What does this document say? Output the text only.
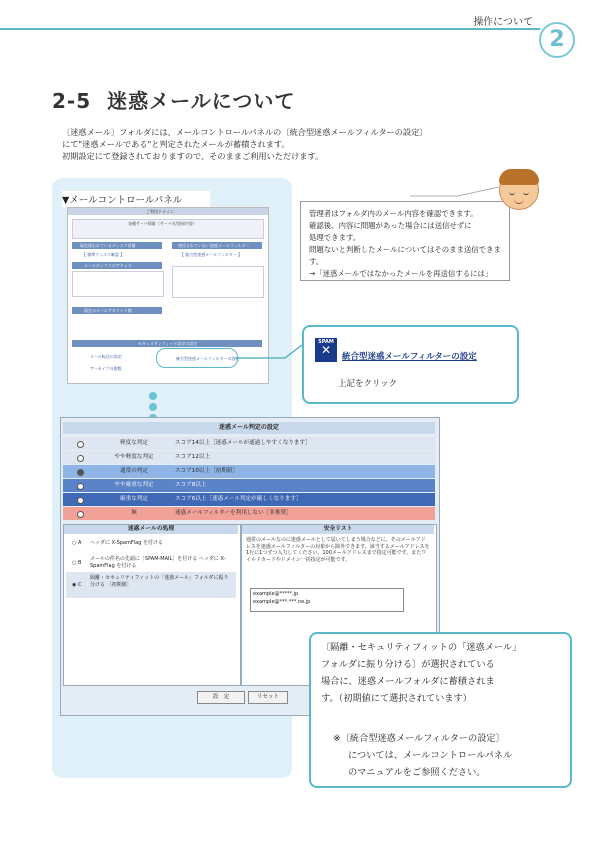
操作について
2
2-5 迷惑メールについて
〔迷惑メール〕フォルダには、メールコントロールパネルの〔統合型迷惑メールフィルターの設定〕
にて"迷惑メールである"と判定されたメールが蓄積されます。
初期設定にて登録されておりますので、そのままご利用いただけます。
▼メールコントロールパネル
ご利用ドメイン
各種サーバ情報（サーバ名/登録内容）
現在使われているディスク容量	使用されていない迷惑メールフィルター
【 標準ウィルス確認 】	【 総合型迷惑メールフィルター 】
メールボックスのアドレス
現在のメールアカウント数
セキュリティフィット設定の設定
メール転送の設定
アーカイブの閲覧
統合型迷惑メールフィルターの設定
管理者はフォルダ内のメール内容を確認できます。
確認後、内容に問題があった場合には送信せずに
処理できます。
問題ないと判断したメールについてはそのまま送信できます。
→「迷惑メールではなかったメールを再送信するには」
SPAM
✕	統合型迷惑メールフィルターの設定
上記をクリック
迷惑メール判定の設定
軽度な判定	スコア14以上［迷惑メールが通過しやすくなります］
やや軽度な判定	スコア12以上
通常の判定	スコア10以上［初期値］
やや厳重な判定	スコア8以上
厳重な判定	スコア6以上［迷惑メール判定が厳しくなります］
無	迷惑メールフィルターを利用しない［非推奨］
迷惑メールの処理
○ A ヘッダに X-SpamFlag を付ける
○ B
メールの件名の先頭に［SPAM-MAIL］を付ける ヘッダに X-SpamFlag を付ける
◉ C
隔離・セキュリティフィットの「迷惑メール」フォルダに振り分ける ［初期値］
安全リスト
通常のメールなのに迷惑メールとして届いてしまう場合などに、そのメールアドレスを迷惑メールフィルターの対象から除外できます。該当するメールアドレスを1行に1つずつ入力してください。100メールアドレスまで指定可能です。またワイルドカードやドメイン一括指定が可能です。
example@*****.jp
example@***-***.ne.jp
設　定	リセット
〔隔離・セキュリティフィットの「迷惑メール」
フォルダに振り分ける〕が選択されている
場合に、迷惑メールフォルダに蓄積されま
す。（初期値にて選択されています）
※〔統合型迷惑メールフィルターの設定〕
については、メールコントロールパネル
のマニュアルをご参照ください。
